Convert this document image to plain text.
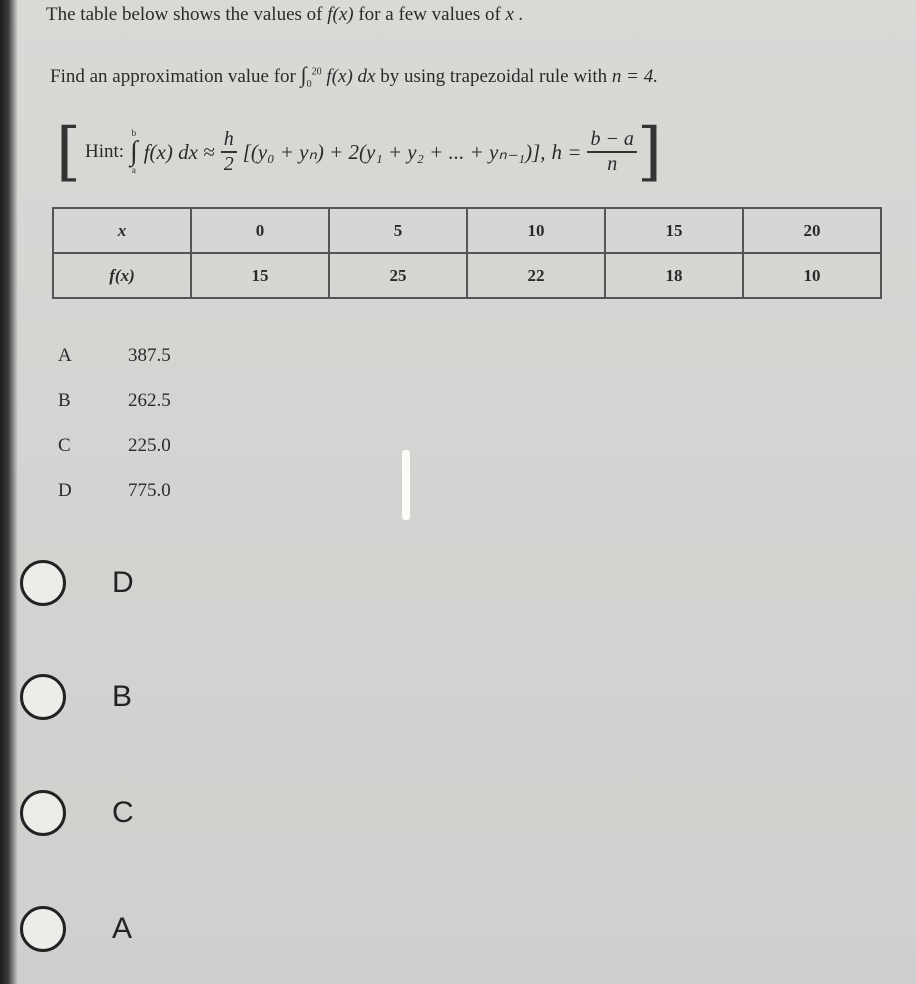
The table below shows the values of f(x) for a few values of x .
Find an approximation value for $\int_0^{20}$ f(x) dx by using trapezoidal rule with n = 4.
[ Hint:
b
∫
a
f(x) dx ≈ $\frac{h}{2} [(y_0 + y_n) + 2(y_1 + y_2$ + ... + yₙ₋₁)], $h = \frac{b - a}{n}$ ]
x	0	5	10	15	20
f(x)	15	25	22	18	10
A	387.5
B	262.5
C	225.0
D	775.0
D
B
C
A
